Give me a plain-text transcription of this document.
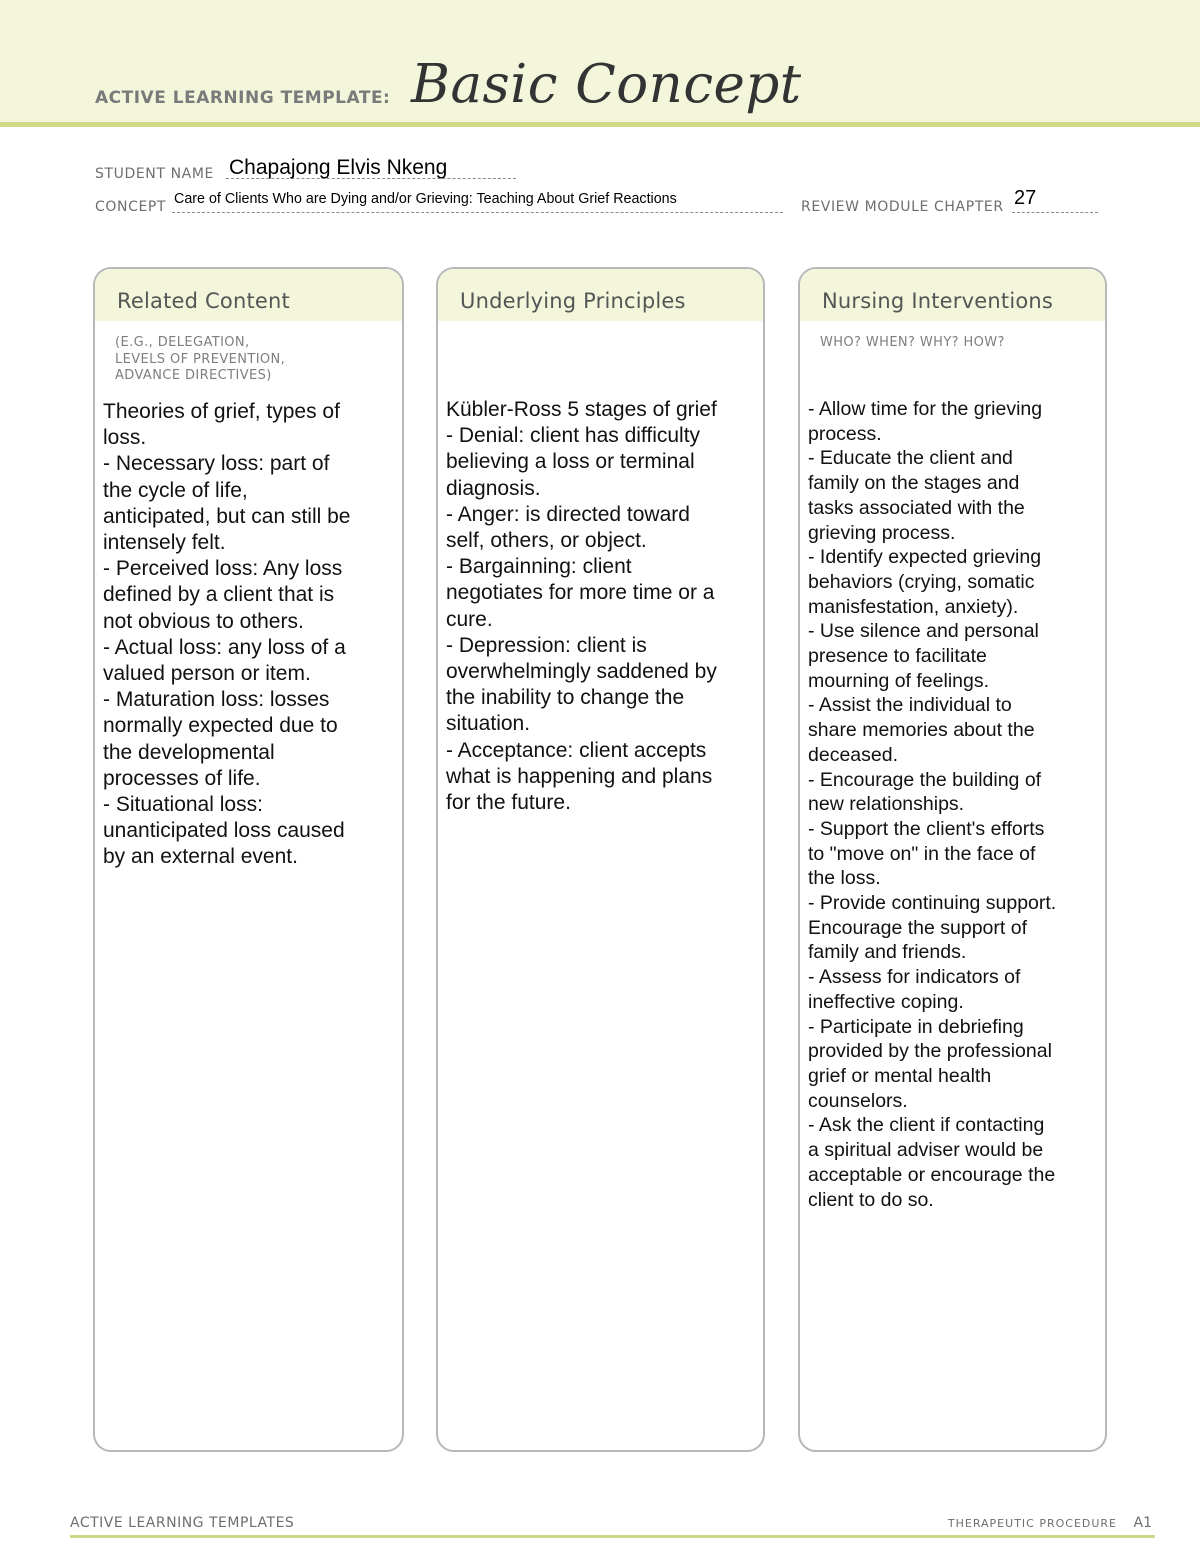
ACTIVE LEARNING TEMPLATE: Basic Concept
STUDENT NAME Chapajong Elvis Nkeng
CONCEPT Care of Clients Who are Dying and/or Grieving: Teaching About Grief Reactions	REVIEW MODULE CHAPTER 27
Related Content
(E.G., DELEGATION,
LEVELS OF PREVENTION,
ADVANCE DIRECTIVES)
Theories of grief, types of
loss.
- Necessary loss: part of
the cycle of life,
anticipated, but can still be
intensely felt.
- Perceived loss: Any loss
defined by a client that is
not obvious to others.
- Actual loss: any loss of a
valued person or item.
- Maturation loss: losses
normally expected due to
the developmental
processes of life.
- Situational loss:
unanticipated loss caused
by an external event.
Underlying Principles
Kübler-Ross 5 stages of grief
- Denial: client has difficulty
believing a loss or terminal
diagnosis.
- Anger: is directed toward
self, others, or object.
- Bargainning: client
negotiates for more time or a
cure.
- Depression: client is
overwhelmingly saddened by
the inability to change the
situation.
- Acceptance: client accepts
what is happening and plans
for the future.
Nursing Interventions
WHO? WHEN? WHY? HOW?
- Allow time for the grieving
process.
- Educate the client and
family on the stages and
tasks associated with the
grieving process.
- Identify expected grieving
behaviors (crying, somatic
manisfestation, anxiety).
- Use silence and personal
presence to facilitate
mourning of feelings.
- Assist the individual to
share memories about the
deceased.
- Encourage the building of
new relationships.
- Support the client's efforts
to "move on" in the face of
the loss.
- Provide continuing support.
Encourage the support of
family and friends.
- Assess for indicators of
ineffective coping.
- Participate in debriefing
provided by the professional
grief or mental health
counselors.
- Ask the client if contacting
a spiritual adviser would be
acceptable or encourage the
client to do so.
ACTIVE LEARNING TEMPLATES	THERAPEUTIC PROCEDURE A1
